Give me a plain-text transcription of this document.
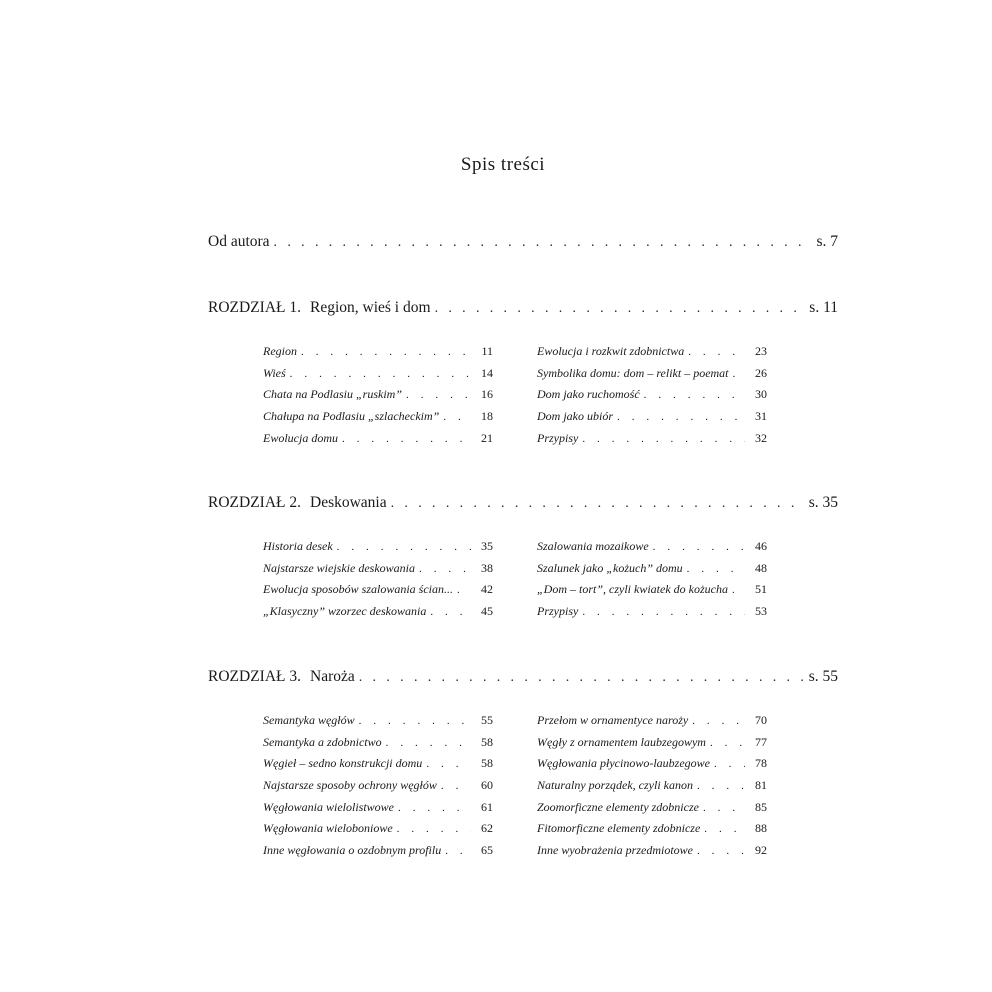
Spis treści
Od autora . . .	s. 7
ROZDZIAŁ 1. Region, wieś i dom . . .	s. 11
Region . . .	11
Wieś . . .	14
Chata na Podlasiu „ruskim” . . .	16
Chałupa na Podlasiu „szlacheckim” . . .	18
Ewolucja domu . . .	21
Ewolucja i rozkwit zdobnictwa . . .	23
Symbolika domu: dom – relikt – poemat . . .	26
Dom jako ruchomość . . .	30
Dom jako ubiór . . .	31
Przypisy . . .	32
ROZDZIAŁ 2. Deskowania . . .	s. 35
Historia desek . . .	35
Najstarsze wiejskie deskowania . . .	38
Ewolucja sposobów szalowania ścian... . . .	42
„Klasyczny” wzorzec deskowania . . .	45
Szalowania mozaikowe . . .	46
Szalunek jako „kożuch” domu . . .	48
„Dom – tort”, czyli kwiatek do kożucha . . .	51
Przypisy . . .	53
ROZDZIAŁ 3. Naroża . . .	s. 55
Semantyka węgłów . . .	55
Semantyka a zdobnictwo . . .	58
Węgieł – sedno konstrukcji domu . . .	58
Najstarsze sposoby ochrony węgłów . . .	60
Węgłowania wielolistwowe . . .	61
Węgłowania wieloboniowe . . .	62
Inne węgłowania o ozdobnym profilu . . .	65
Przełom w ornamentyce naroży . . .	70
Węgły z ornamentem laubzegowym . . .	77
Węgłowania płycinowo-laubzegowe . . .	78
Naturalny porządek, czyli kanon . . .	81
Zoomorficzne elementy zdobnicze . . .	85
Fitomorficzne elementy zdobnicze . . .	88
Inne wyobrażenia przedmiotowe . . .	92
